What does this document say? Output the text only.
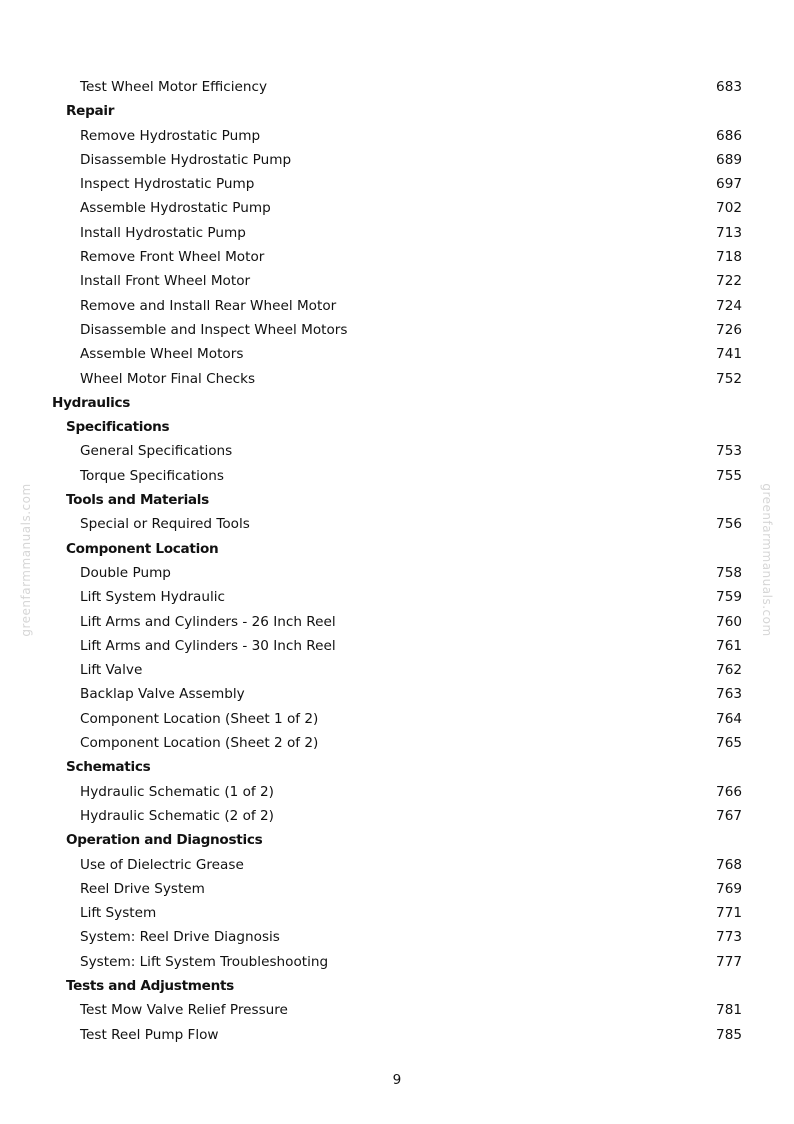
greenfarmmanuals.com	greenfarmmanuals.com
Test Wheel Motor Efficiency	683
Repair
Remove Hydrostatic Pump	686
Disassemble Hydrostatic Pump	689
Inspect Hydrostatic Pump	697
Assemble Hydrostatic Pump	702
Install Hydrostatic Pump	713
Remove Front Wheel Motor	718
Install Front Wheel Motor	722
Remove and Install Rear Wheel Motor	724
Disassemble and Inspect Wheel Motors	726
Assemble Wheel Motors	741
Wheel Motor Final Checks	752
Hydraulics
Specifications
General Specifications	753
Torque Specifications	755
Tools and Materials
Special or Required Tools	756
Component Location
Double Pump	758
Lift System Hydraulic	759
Lift Arms and Cylinders - 26 Inch Reel	760
Lift Arms and Cylinders - 30 Inch Reel	761
Lift Valve	762
Backlap Valve Assembly	763
Component Location (Sheet 1 of 2)	764
Component Location (Sheet 2 of 2)	765
Schematics
Hydraulic Schematic (1 of 2)	766
Hydraulic Schematic (2 of 2)	767
Operation and Diagnostics
Use of Dielectric Grease	768
Reel Drive System	769
Lift System	771
System: Reel Drive Diagnosis	773
System: Lift System Troubleshooting	777
Tests and Adjustments
Test Mow Valve Relief Pressure	781
Test Reel Pump Flow	785
9
